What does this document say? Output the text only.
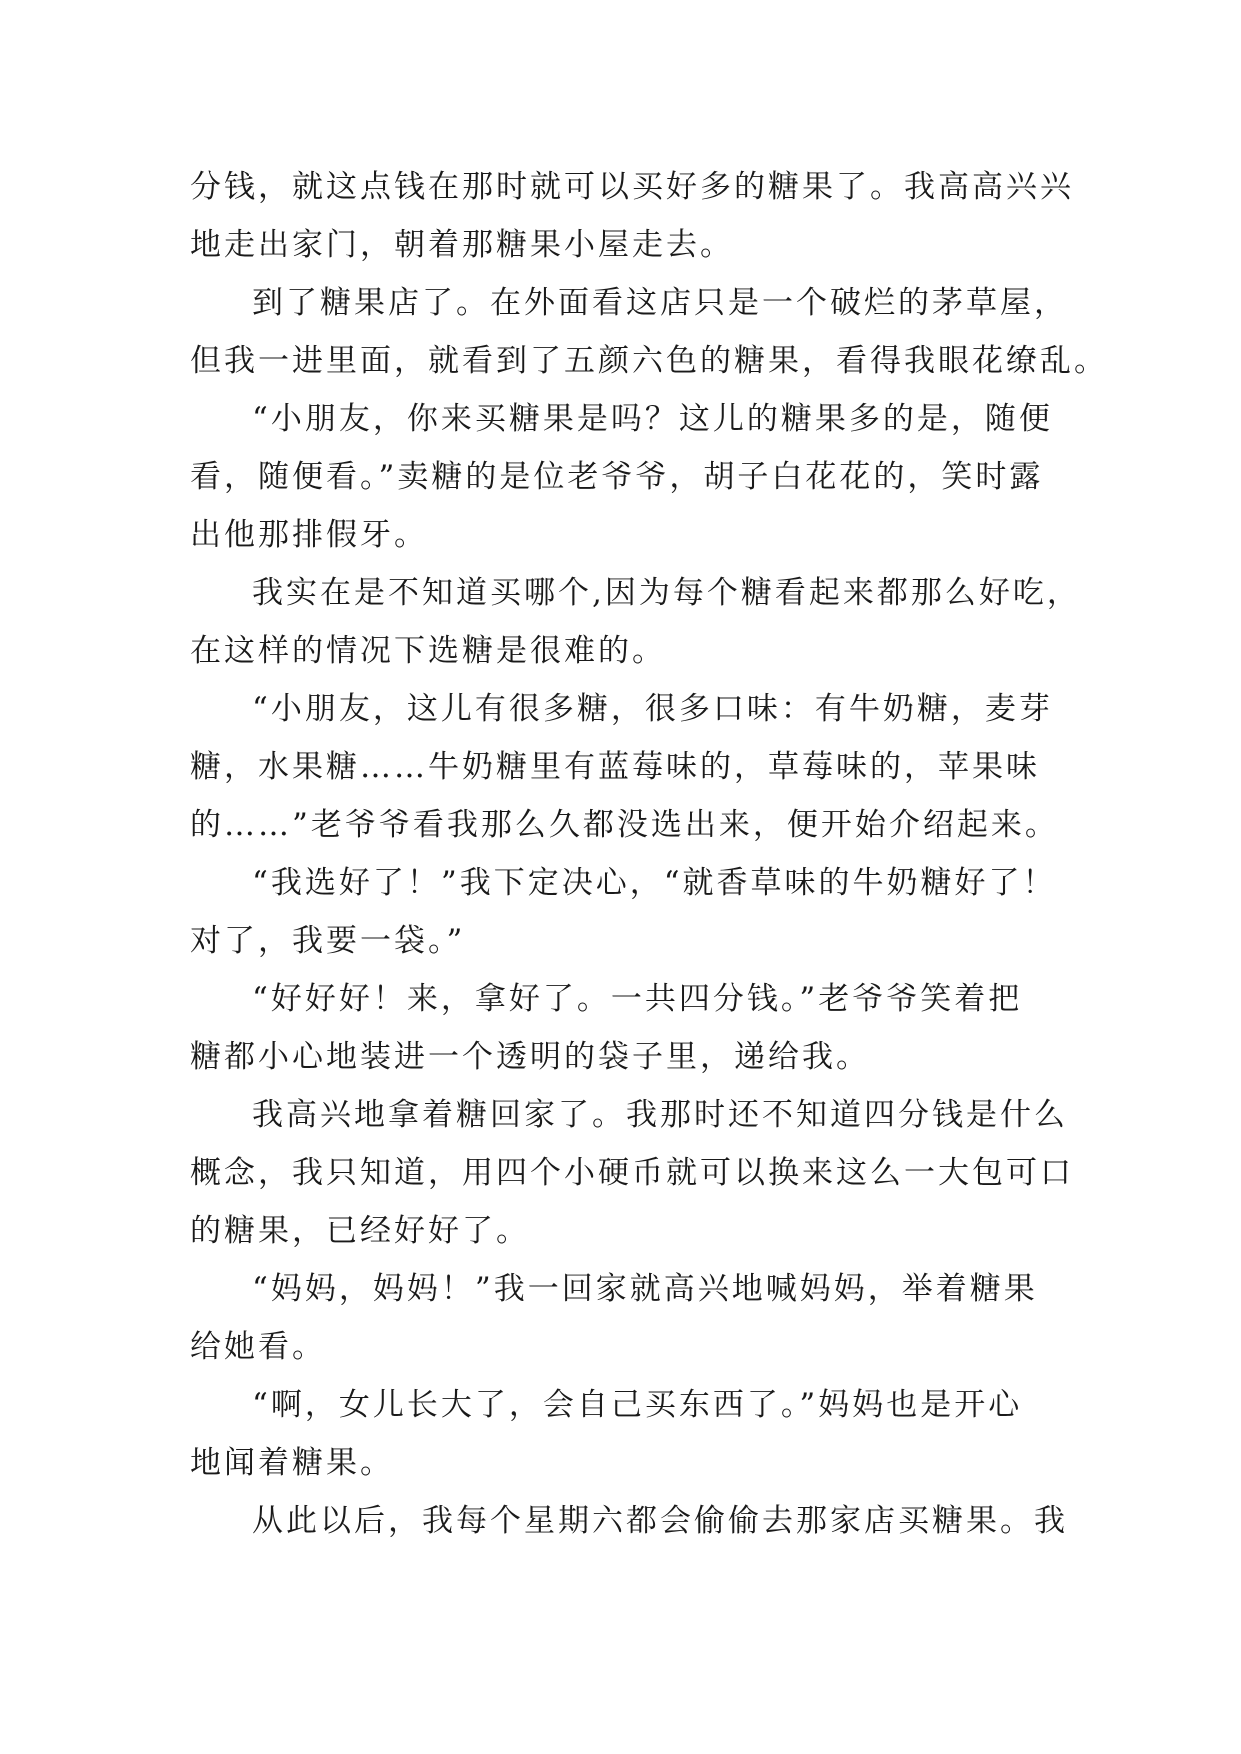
分钱，就这点钱在那时就可以买好多的糖果了。我高高兴兴
地走出家门，朝着那糖果小屋走去。
到了糖果店了。在外面看这店只是一个破烂的茅草屋，
但我一进里面，就看到了五颜六色的糖果，看得我眼花缭乱。
“小朋友，你来买糖果是吗？这儿的糖果多的是，随便
看，随便看。”卖糖的是位老爷爷，胡子白花花的，笑时露
出他那排假牙。
我实在是不知道买哪个,因为每个糖看起来都那么好吃，
在这样的情况下选糖是很难的。
“小朋友，这儿有很多糖，很多口味：有牛奶糖，麦芽
糖，水果糖……牛奶糖里有蓝莓味的，草莓味的，苹果味
的……”老爷爷看我那么久都没选出来，便开始介绍起来。
“我选好了！”我下定决心，“就香草味的牛奶糖好了！
对了，我要一袋。”
“好好好！来，拿好了。一共四分钱。”老爷爷笑着把
糖都小心地装进一个透明的袋子里，递给我。
我高兴地拿着糖回家了。我那时还不知道四分钱是什么
概念，我只知道，用四个小硬币就可以换来这么一大包可口
的糖果，已经好好了。
“妈妈，妈妈！”我一回家就高兴地喊妈妈，举着糖果
给她看。
“啊，女儿长大了，会自己买东西了。”妈妈也是开心
地闻着糖果。
从此以后，我每个星期六都会偷偷去那家店买糖果。我
